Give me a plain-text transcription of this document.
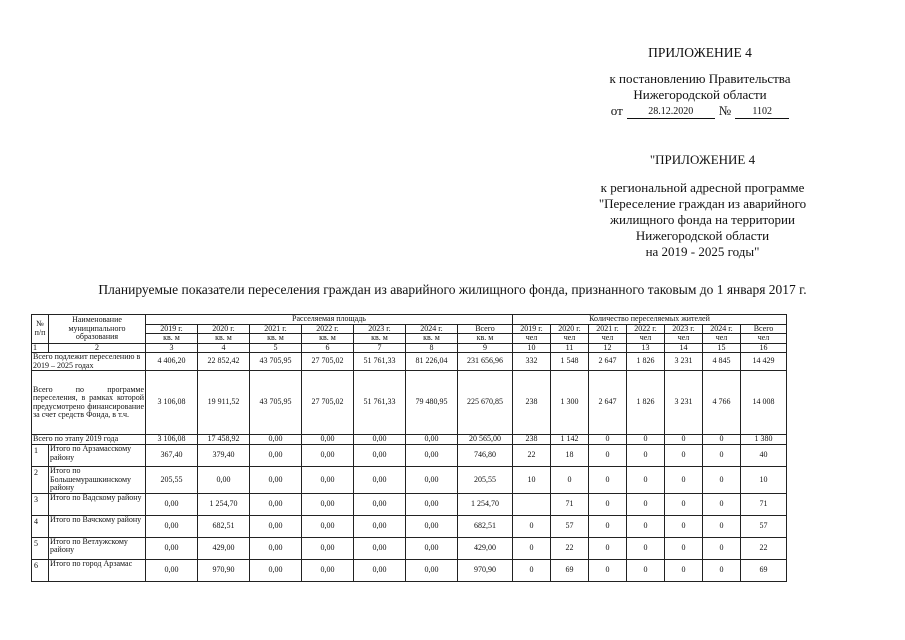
ПРИЛОЖЕНИЕ 4
к постановлению Правительства
Нижегородской области
от	28.12.2020	№	1102
"ПРИЛОЖЕНИЕ 4
к региональной адресной программе
"Переселение граждан из аварийного
жилищного фонда на территории
Нижегородской области
на 2019 - 2025 годы"
Планируемые показатели переселения граждан из аварийного жилищного фонда, признанного таковым до 1 января 2017 г.
№ п/п	Наименование муниципального образования	Расселяемая площадь							Количество переселяемых жителей						
		2019 г.	2020 г.	2021 г.	2022 г.	2023 г.	2024 г.	Всего	2019 г.	2020 г.	2021 г.	2022 г.	2023 г.	2024 г.	Всего
		кв. м	кв. м	кв. м	кв. м	кв. м	кв. м	кв. м	чел	чел	чел	чел	чел	чел	чел
1	2	3	4	5	6	7	8	9	10	11	12	13	14	15	16
Всего подлежит переселению в 2019 – 2025 годах		4 406,20	22 852,42	43 705,95	27 705,02	51 761,33	81 226,04	231 656,96	332	1 548	2 647	1 826	3 231	4 845	14 429
Всего по программе переселения, в рамках которой предусмотрено финансирование за счет средств Фонда, в т.ч.		3 106,08	19 911,52	43 705,95	27 705,02	51 761,33	79 480,95	225 670,85	238	1 300	2 647	1 826	3 231	4 766	14 008
Всего по этапу 2019 года		3 106,08	17 458,92	0,00	0,00	0,00	0,00	20 565,00	238	1 142	0	0	0	0	1 380
1	Итого по Арзамасскому району	367,40	379,40	0,00	0,00	0,00	0,00	746,80	22	18	0	0	0	0	40
2	Итого по Большемурашкинскому району	205,55	0,00	0,00	0,00	0,00	0,00	205,55	10	0	0	0	0	0	10
3	Итого по Вадскому району	0,00	1 254,70	0,00	0,00	0,00	0,00	1 254,70		71	0	0	0	0	71
4	Итого по Вачскому району	0,00	682,51	0,00	0,00	0,00	0,00	682,51	0	57	0	0	0	0	57
5	Итого по Ветлужскому району	0,00	429,00	0,00	0,00	0,00	0,00	429,00	0	22	0	0	0	0	22
6	Итого по город Арзамас	0,00	970,90	0,00	0,00	0,00	0,00	970,90	0	69	0	0	0	0	69
